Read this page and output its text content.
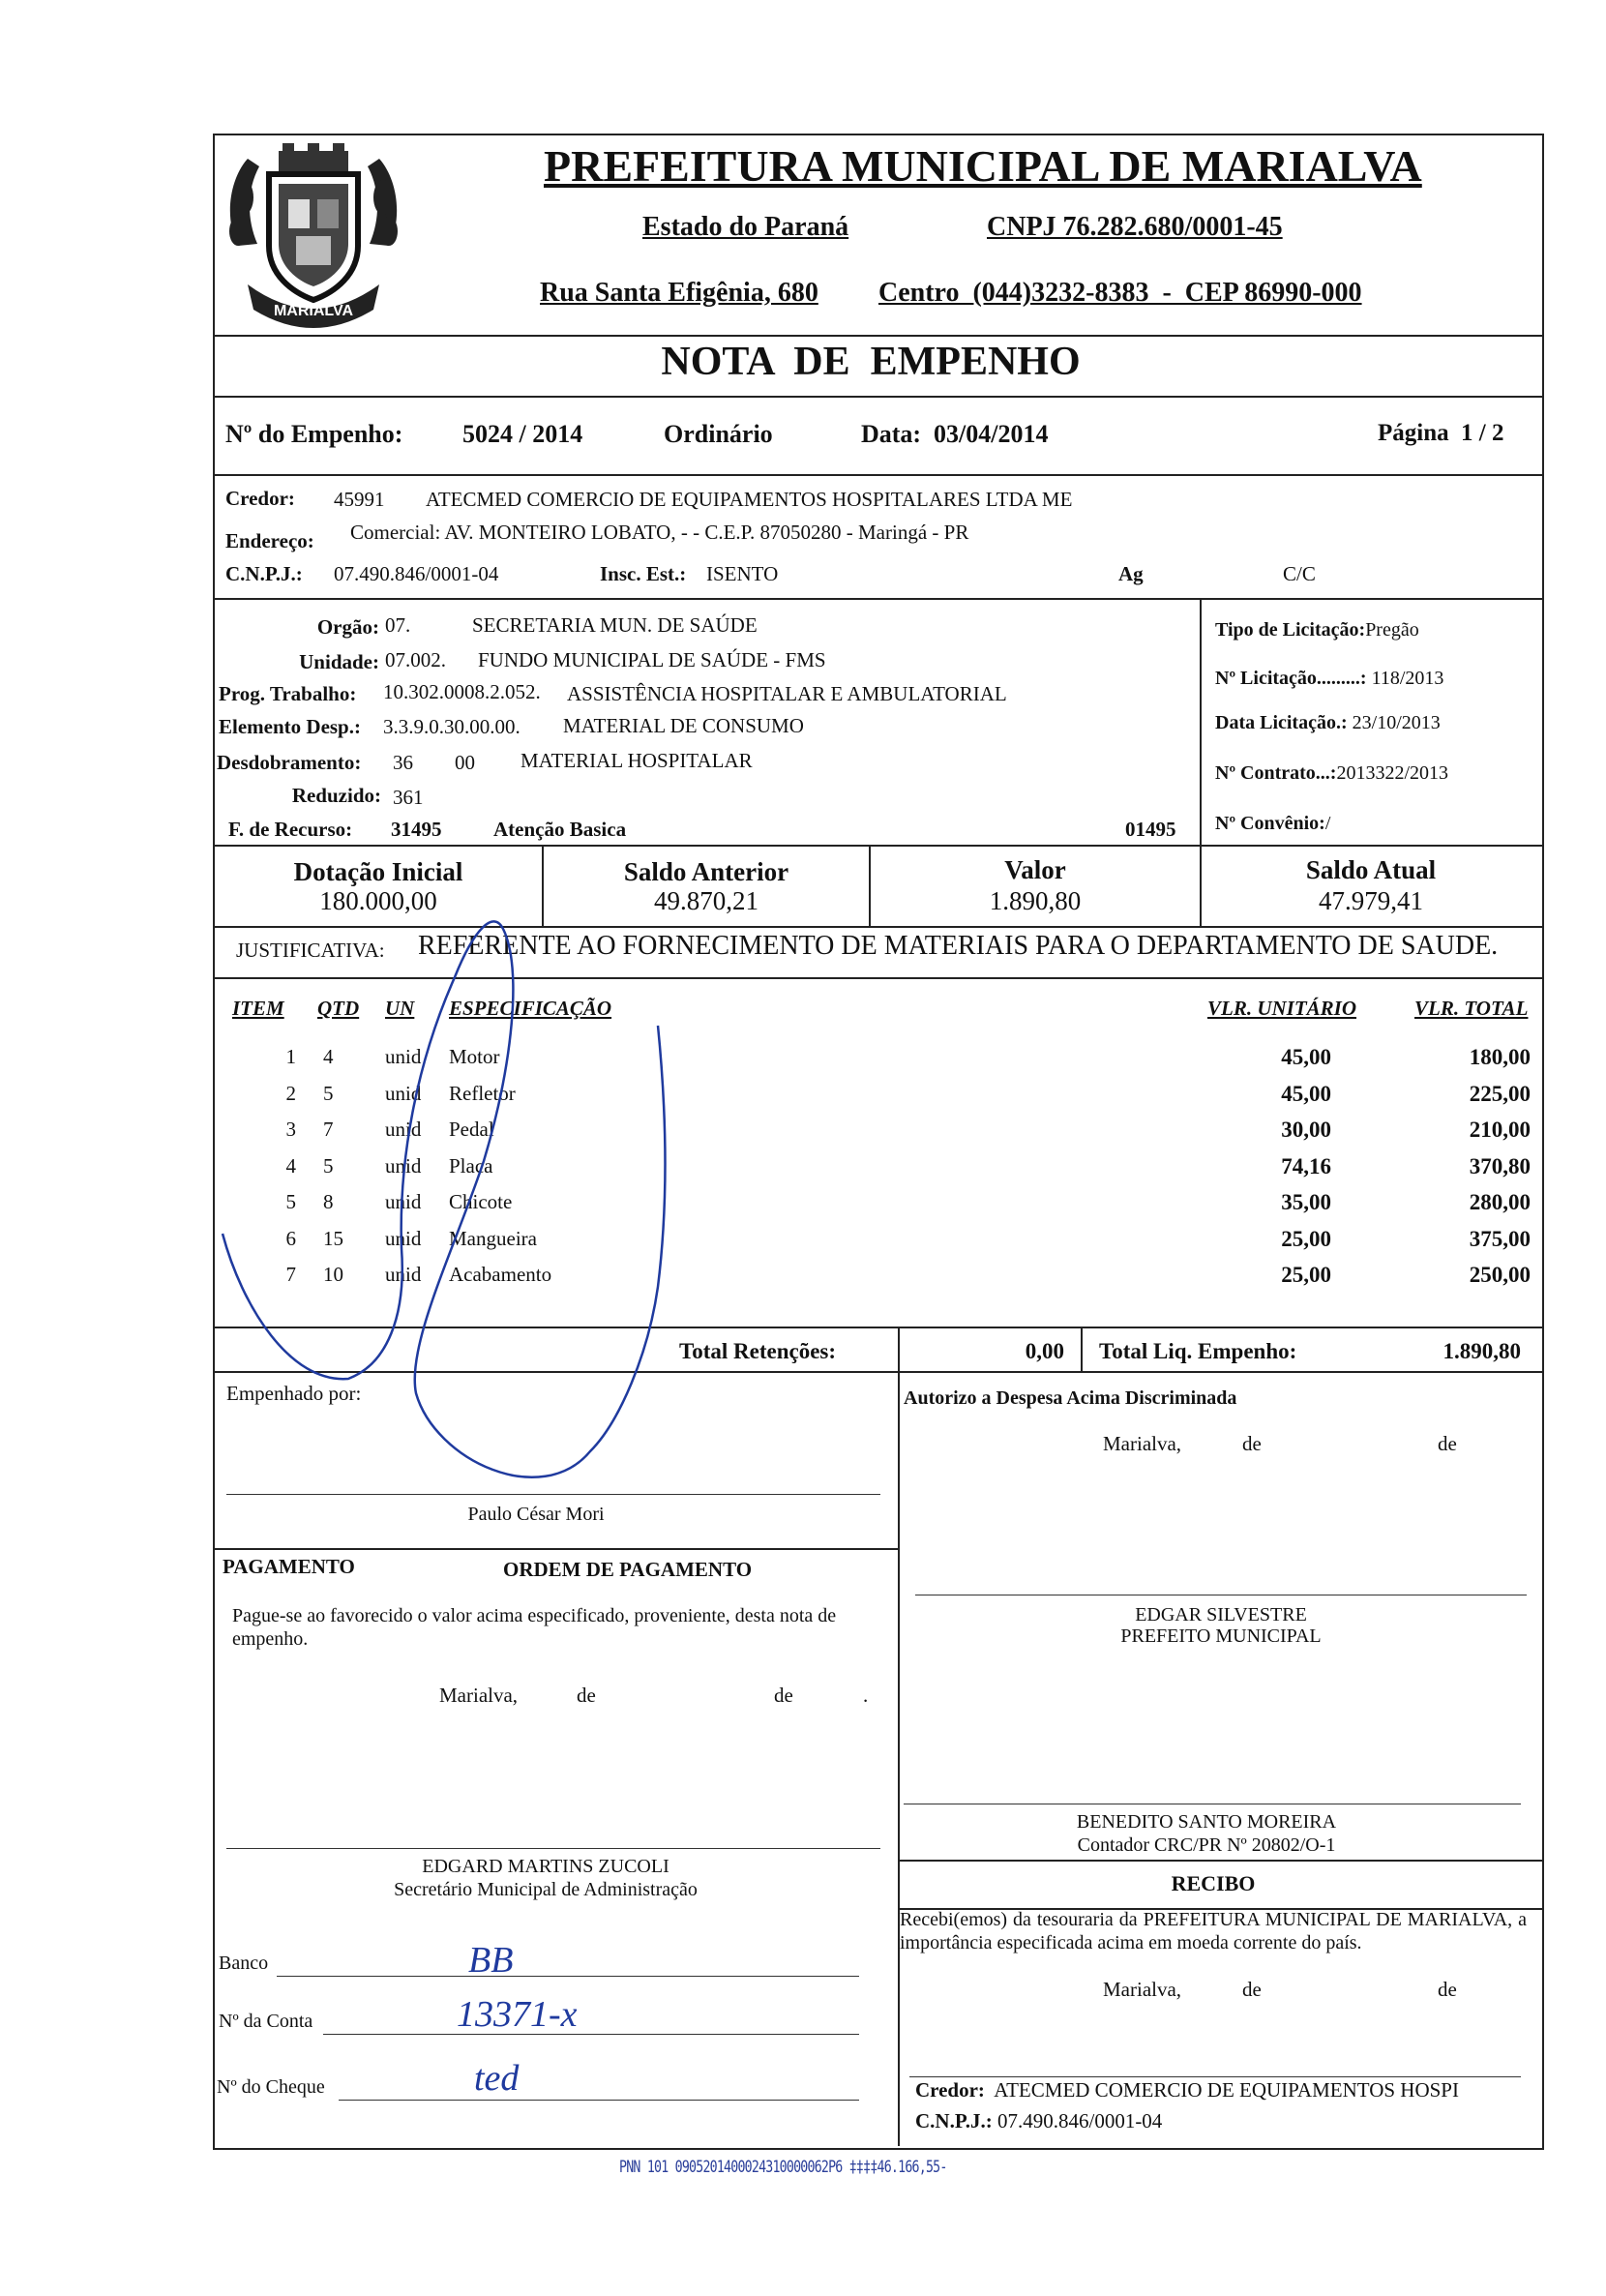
MARIALVA
PREFEITURA MUNICIPAL DE MARIALVA
Estado do Paraná	CNPJ 76.282.680/0001-45
Rua Santa Efigênia, 680 Centro  (044)3232-8383  -  CEP 86990-000
NOTA  DE  EMPENHO
Nº do Empenho: 5024 / 2014	Ordinário	Data: 03/04/2014	Página 1 / 2
Credor: 45991 ATECMED COMERCIO DE EQUIPAMENTOS HOSPITALARES LTDA ME
Endereço: Comercial: AV. MONTEIRO LOBATO, - - C.E.P. 87050280 - Maringá - PR
C.N.P.J.: 07.490.846/0001-04	Insc. Est.: ISENTO	Ag	C/C
Orgão: 07.	SECRETARIA MUN. DE SAÚDE
Unidade: 07.002. FUNDO MUNICIPAL DE SAÚDE - FMS
Prog. Trabalho: 10.302.0008.2.052. ASSISTÊNCIA HOSPITALAR E AMBULATORIAL
Elemento Desp.: 3.3.9.0.30.00.00. MATERIAL DE CONSUMO
Desdobramento: 36 00 MATERIAL HOSPITALAR
Reduzido: 361
F. de Recurso: 31495	Atenção Basica	01495
Tipo de Licitação:Pregão
Nº Licitação.........: 118/2013
Data Licitação.: 23/10/2013
Nº Contrato...:2013322/2013
Nº Convênio:/
Dotação Inicial
180.000,00
Saldo Anterior
49.870,21
Valor
1.890,80
Saldo Atual
47.979,41
JUSTIFICATIVA: REFERENTE AO FORNECIMENTO DE MATERIAIS PARA O DEPARTAMENTO DE SAUDE.
ITEM QTD UN ESPECIFICAÇÃO	VLR. UNITÁRIO	VLR. TOTAL
1 4	unid	Motor	45,00	180,00
2 5	unid	Refletor	45,00	225,00
3 7	unid	Pedal	30,00	210,00
4 5	unid	Placa	74,16	370,80
5 8	unid	Chicote	35,00	280,00
6 15	unid	Mangueira	25,00	375,00
7 10	unid	Acabamento	25,00	250,00
Total Retenções:	0,00 Total Liq. Empenho:	1.890,80
Empenhado por:
Paulo César Mori
Autorizo a Despesa Acima Discriminada
Marialva,	de	de
EDGAR SILVESTRE
PREFEITO MUNICIPAL
PAGAMENTO	ORDEM DE PAGAMENTO
Pague-se ao favorecido o valor acima especificado, proveniente, desta nota de empenho.
Marialva,	de	de	.
EDGARD MARTINS ZUCOLI
Secretário Municipal de Administração
Banco	BB
Nº da Conta	13371-x
Nº do Cheque	ted
BENEDITO SANTO MOREIRA
Contador CRC/PR Nº 20802/O-1
RECIBO
Recebi(emos) da tesouraria da PREFEITURA MUNICIPAL DE MARIALVA, a importância especificada acima em moeda corrente do país.
Marialva,	de	de
Credor: ATECMED COMERCIO DE EQUIPAMENTOS HOSPI
C.N.P.J.: 07.490.846/0001-04
PNN 101 0905201400024310000062P6 ‡‡‡‡46.166,55-
